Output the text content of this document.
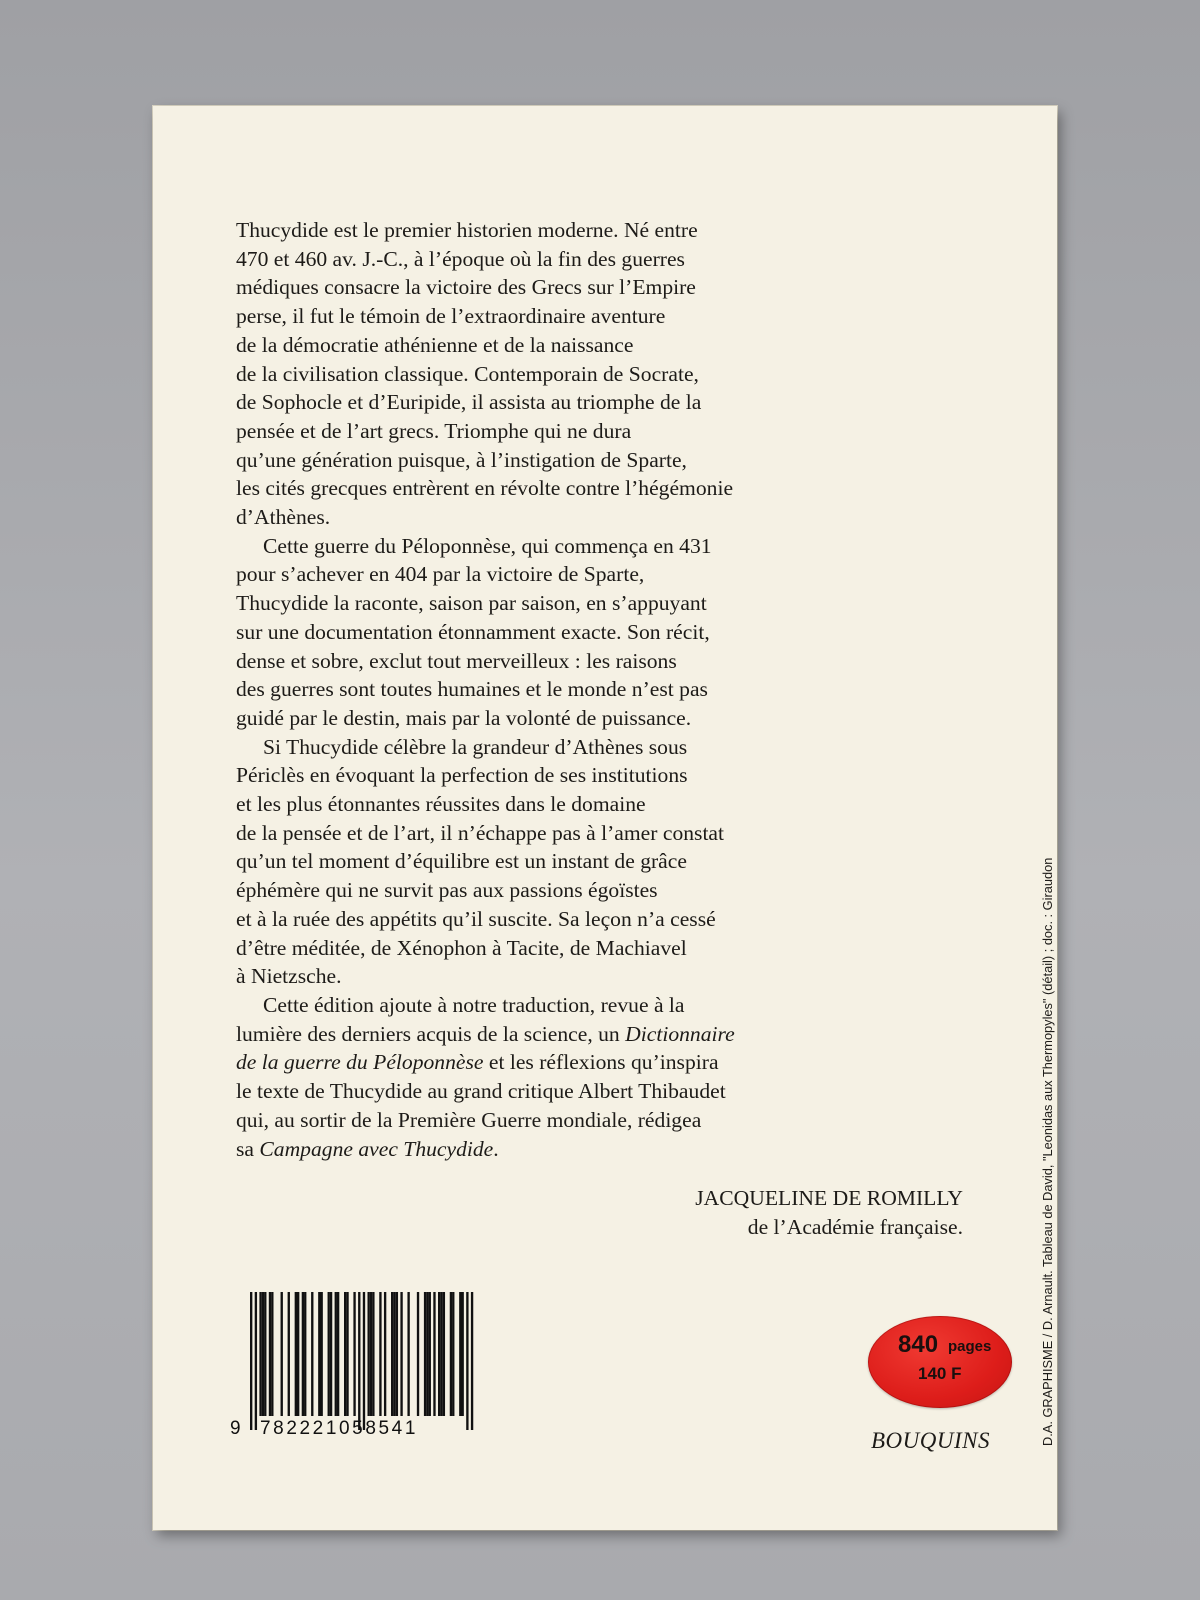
Thucydide est le premier historien moderne. Né entre
470 et 460 av. J.-C., à l’époque où la fin des guerres
médiques consacre la victoire des Grecs sur l’Empire
perse, il fut le témoin de l’extraordinaire aventure
de la démocratie athénienne et de la naissance
de la civilisation classique. Contemporain de Socrate,
de Sophocle et d’Euripide, il assista au triomphe de la
pensée et de l’art grecs. Triomphe qui ne dura
qu’une génération puisque, à l’instigation de Sparte,
les cités grecques entrèrent en révolte contre l’hégémonie
d’Athènes.
Cette guerre du Péloponnèse, qui commença en 431
pour s’achever en 404 par la victoire de Sparte,
Thucydide la raconte, saison par saison, en s’appuyant
sur une documentation étonnamment exacte. Son récit,
dense et sobre, exclut tout merveilleux : les raisons
des guerres sont toutes humaines et le monde n’est pas
guidé par le destin, mais par la volonté de puissance.
Si Thucydide célèbre la grandeur d’Athènes sous
Périclès en évoquant la perfection de ses institutions
et les plus étonnantes réussites dans le domaine
de la pensée et de l’art, il n’échappe pas à l’amer constat
qu’un tel moment d’équilibre est un instant de grâce
éphémère qui ne survit pas aux passions égoïstes
et à la ruée des appétits qu’il suscite. Sa leçon n’a cessé
d’être méditée, de Xénophon à Tacite, de Machiavel
à Nietzsche.
Cette édition ajoute à notre traduction, revue à la
lumière des derniers acquis de la science, un Dictionnaire
de la guerre du Péloponnèse et les réflexions qu’inspira
le texte de Thucydide au grand critique Albert Thibaudet
qui, au sortir de la Première Guerre mondiale, rédigea
sa Campagne avec Thucydide.
JACQUELINE DE ROMILLY
de l’Académie française.
9 782221058541
840 pages
140 F
BOUQUINS	D.A. GRAPHISME / D. Arnault. Tableau de David, "Leonidas aux Thermopyles" (détail) ; doc. : Giraudon
